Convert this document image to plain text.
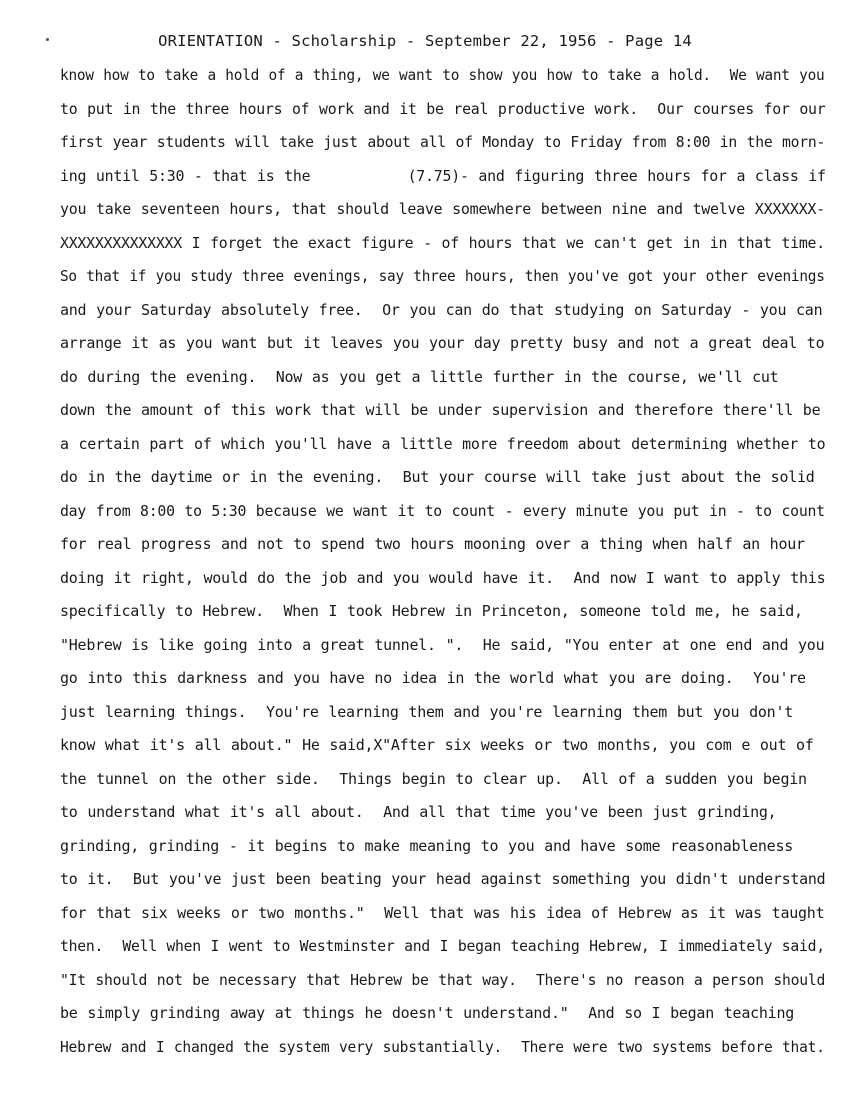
ORIENTATION - Scholarship - September 22, 1956 - Page 14
know how to take a hold of a thing, we want to show you how to take a hold.  We want you
to put in the three hours of work and it be real productive work.  Our courses for our
first year students will take just about all of Monday to Friday from 8:00 in the morn-
ing until 5:30 - that is the          (7.75)- and figuring three hours for a class if
you take seventeen hours, that should leave somewhere between nine and twelve XXXXXXX-
XXXXXXXXXXXXXX I forget the exact figure - of hours that we can't get in in that time.
So that if you study three evenings, say three hours, then you've got your other evenings
and your Saturday absolutely free.  Or you can do that studying on Saturday - you can
arrange it as you want but it leaves you your day pretty busy and not a great deal to
do during the evening.  Now as you get a little further in the course, we'll cut
down the amount of this work that will be under supervision and therefore there'll be
a certain part of which you'll have a little more freedom about determining whether to
do in the daytime or in the evening.  But your course will take just about the solid
day from 8:00 to 5:30 because we want it to count - every minute you put in - to count
for real progress and not to spend two hours mooning over a thing when half an hour
doing it right, would do the job and you would have it.  And now I want to apply this
specifically to Hebrew.  When I took Hebrew in Princeton, someone told me, he said,
"Hebrew is like going into a great tunnel. ".  He said, "You enter at one end and you
go into this darkness and you have no idea in the world what you are doing.  You're
just learning things.  You're learning them and you're learning them but you don't
know what it's all about." He said,X"After six weeks or two months, you com e out of
the tunnel on the other side.  Things begin to clear up.  All of a sudden you begin
to understand what it's all about.  And all that time you've been just grinding,
grinding, grinding - it begins to make meaning to you and have some reasonableness
to it.  But you've just been beating your head against something you didn't understand
for that six weeks or two months."  Well that was his idea of Hebrew as it was taught
then.  Well when I went to Westminster and I began teaching Hebrew, I immediately said,
"It should not be necessary that Hebrew be that way.  There's no reason a person should
be simply grinding away at things he doesn't understand."  And so I began teaching
Hebrew and I changed the system very substantially.  There were two systems before that.
